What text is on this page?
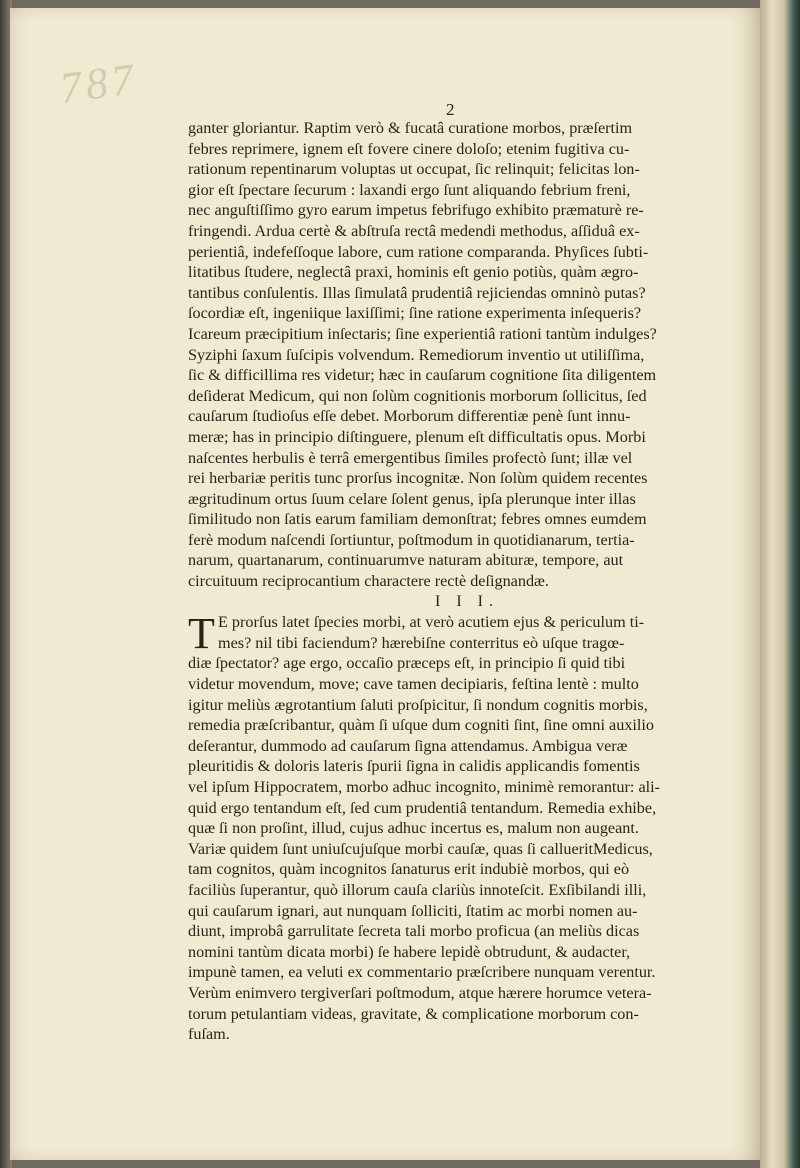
787	2
ganter gloriantur. Raptim verò & fucatâ curatione morbos, præſertim
febres reprimere, ignem eſt fovere cinere doloſo; etenim fugitiva cu-
rationum repentinarum voluptas ut occupat, ſic relinquit; felicitas lon-
gior eſt ſpectare ſecurum : laxandi ergo ſunt aliquando febrium freni,
nec anguſtiſſimo gyro earum impetus febrifugo exhibito præmaturè re-
fringendi. Ardua certè & abſtruſa rectâ medendi methodus, aſſiduâ ex-
perientiâ, indefeſſoque labore, cum ratione comparanda. Phyſices ſubti-
litatibus ſtudere, neglectâ praxi, hominis eſt genio potiùs, quàm ægro-
tantibus conſulentis. Illas ſimulatâ prudentiâ rejiciendas omninò putas?
ſocordiæ eſt, ingeniique laxiſſimi; ſine ratione experimenta inſequeris?
Icareum præcipitium inſectaris; ſine experientiâ rationi tantùm indulges?
Syziphi ſaxum ſuſcipis volvendum. Remediorum inventio ut utiliſſima,
ſic & difficillima res videtur; hæc in cauſarum cognitione ſita diligentem
deſiderat Medicum, qui non ſolùm cognitionis morborum ſollicitus, ſed
cauſarum ſtudioſus eſſe debet. Morborum differentiæ penè ſunt innu-
meræ; has in principio diſtinguere, plenum eſt difficultatis opus. Morbi
naſcentes herbulis è terrâ emergentibus ſimiles profectò ſunt; illæ vel
rei herbariæ peritis tunc prorſus incognitæ. Non ſolùm quidem recentes
ægritudinum ortus ſuum celare ſolent genus, ipſa plerunque inter illas
ſimilitudo non ſatis earum familiam demonſtrat; febres omnes eumdem
ferè modum naſcendi ſortiuntur, poſtmodum in quotidianarum, tertia-
narum, quartanarum, continuarumve naturam abituræ, tempore, aut
circuituum reciprocantium charactere rectè deſignandæ.
I I I.
T E prorſus latet ſpecies morbi, at verò acutiem ejus & periculum ti-
mes? nil tibi faciendum? hærebiſne conterritus eò uſque tragœ-
diæ ſpectator? age ergo, occaſio præceps eſt, in principio ſi quid tibi
videtur movendum, move; cave tamen decipiaris, feſtina lentè : multo
igitur meliùs ægrotantium ſaluti proſpicitur, ſi nondum cognitis morbis,
remedia præſcribantur, quàm ſi uſque dum cogniti ſint, ſine omni auxilio
deſerantur, dummodo ad cauſarum ſigna attendamus. Ambigua veræ
pleuritidis & doloris lateris ſpurii ſigna in calidis applicandis fomentis
vel ipſum Hippocratem, morbo adhuc incognito, minimè remorantur: ali-
quid ergo tentandum eſt, ſed cum prudentiâ tentandum. Remedia exhibe,
quæ ſi non proſint, illud, cujus adhuc incertus es, malum non augeant.
Variæ quidem ſunt uniuſcujuſque morbi cauſæ, quas ſi callueritMedicus,
tam cognitos, quàm incognitos ſanaturus erit indubiè morbos, qui eò
faciliùs ſuperantur, quò illorum cauſa clariùs innoteſcit. Exſibilandi illi,
qui cauſarum ignari, aut nunquam ſolliciti, ſtatim ac morbi nomen au-
diunt, improbâ garrulitate ſecreta tali morbo proficua (an meliùs dicas
nomini tantùm dicata morbi) ſe habere lepidè obtrudunt, & audacter,
impunè tamen, ea veluti ex commentario præſcribere nunquam verentur.
Verùm enimvero tergiverſari poſtmodum, atque hærere horumce vetera-
torum petulantiam videas, gravitate, & complicatione morborum con-
fuſam.
